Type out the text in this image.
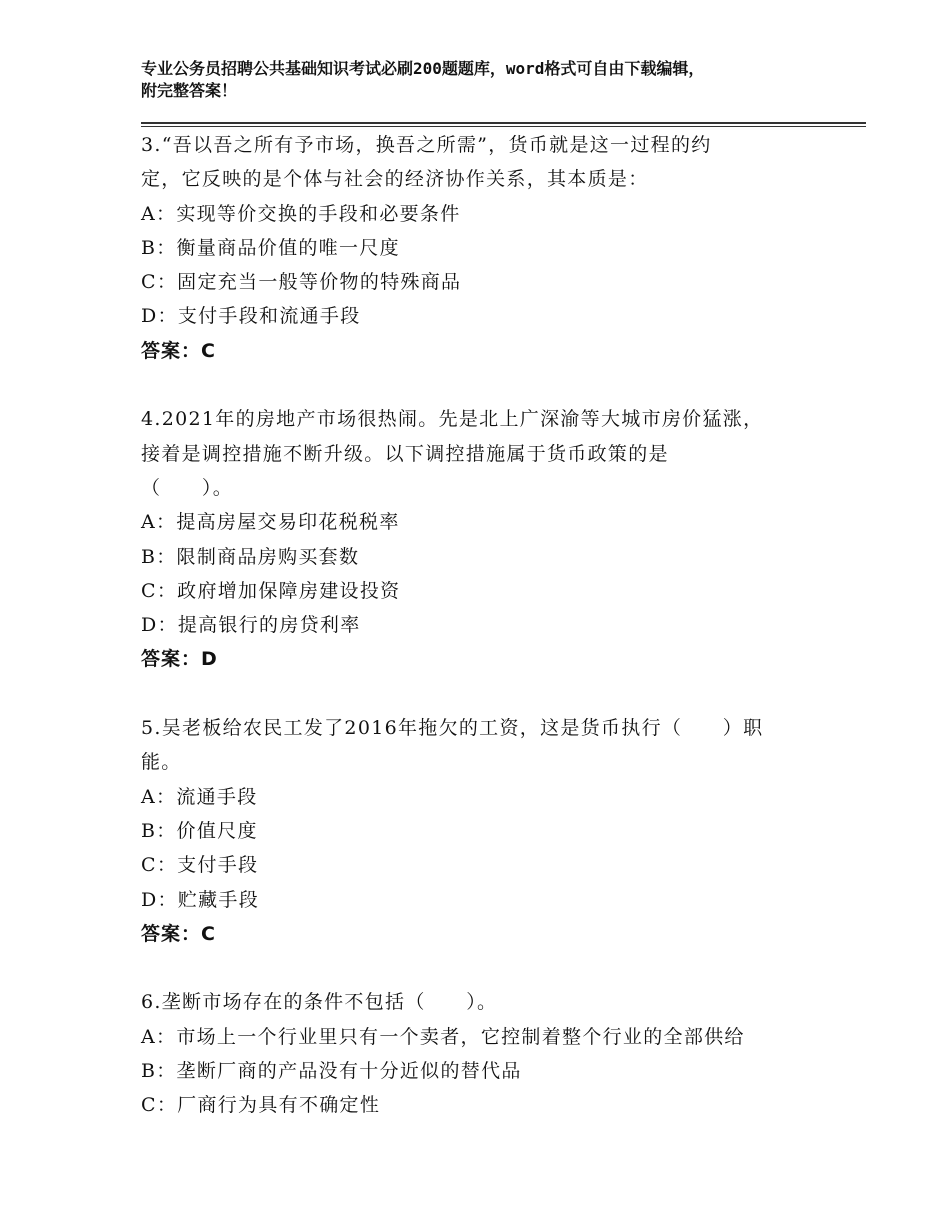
专业公务员招聘公共基础知识考试必刷200题题库，word格式可自由下载编辑，
附完整答案！
3.“吾以吾之所有予市场，换吾之所需”，货币就是这一过程的约
定，它反映的是个体与社会的经济协作关系，其本质是：
A：实现等价交换的手段和必要条件
B：衡量商品价值的唯一尺度
C：固定充当一般等价物的特殊商品
D：支付手段和流通手段
答案：C
4.2021年的房地产市场很热闹。先是北上广深渝等大城市房价猛涨，
接着是调控措施不断升级。以下调控措施属于货币政策的是
（　　）。
A：提高房屋交易印花税税率
B：限制商品房购买套数
C：政府增加保障房建设投资
D：提高银行的房贷利率
答案：D
5.吴老板给农民工发了2016年拖欠的工资，这是货币执行（　　）职
能。
A：流通手段
B：价值尺度
C：支付手段
D：贮藏手段
答案：C
6.垄断市场存在的条件不包括（　　）。
A：市场上一个行业里只有一个卖者，它控制着整个行业的全部供给
B：垄断厂商的产品没有十分近似的替代品
C：厂商行为具有不确定性
